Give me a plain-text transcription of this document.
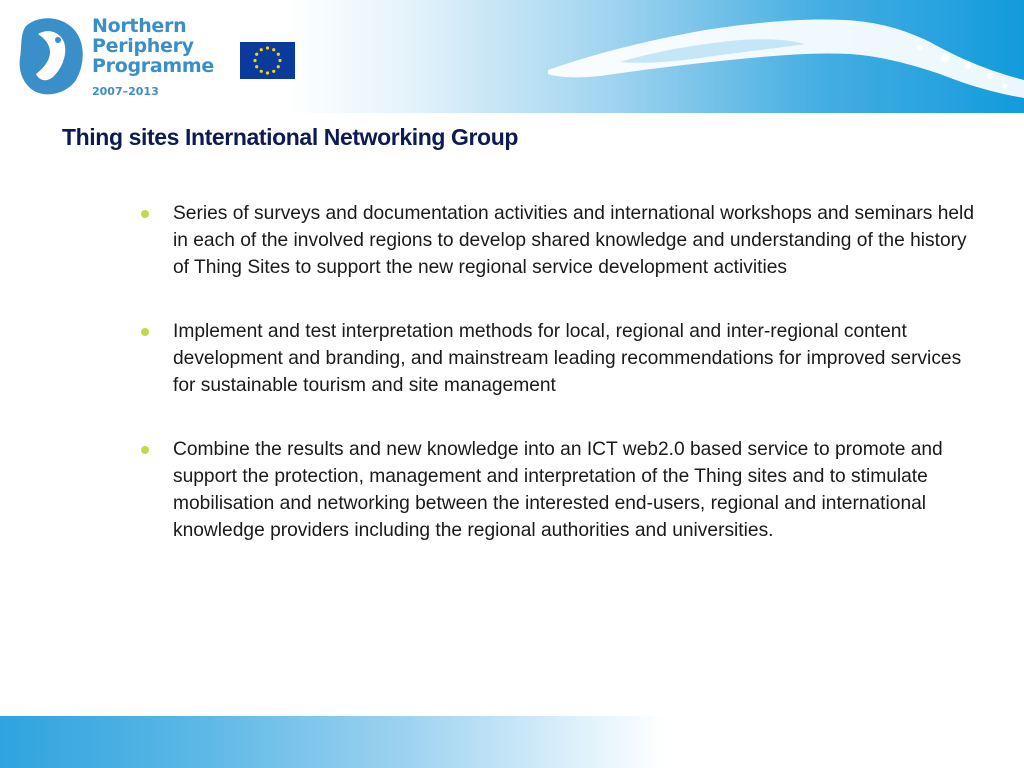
Northern
Periphery
Programme
2007–2013
Thing sites International Networking Group
Series of surveys and documentation activities and international workshops and seminars held in each of the involved regions to develop shared knowledge and understanding of the history of Thing Sites to support the new regional service development activities
Implement and test interpretation methods for local, regional and inter-regional content development and branding, and mainstream leading recommendations for improved services for sustainable tourism and site management
Combine the results and new knowledge into an ICT web2.0 based service to promote and support the protection, management and interpretation of the Thing sites and to stimulate mobilisation and networking between the interested end-users, regional and international knowledge providers including the regional authorities and universities.
